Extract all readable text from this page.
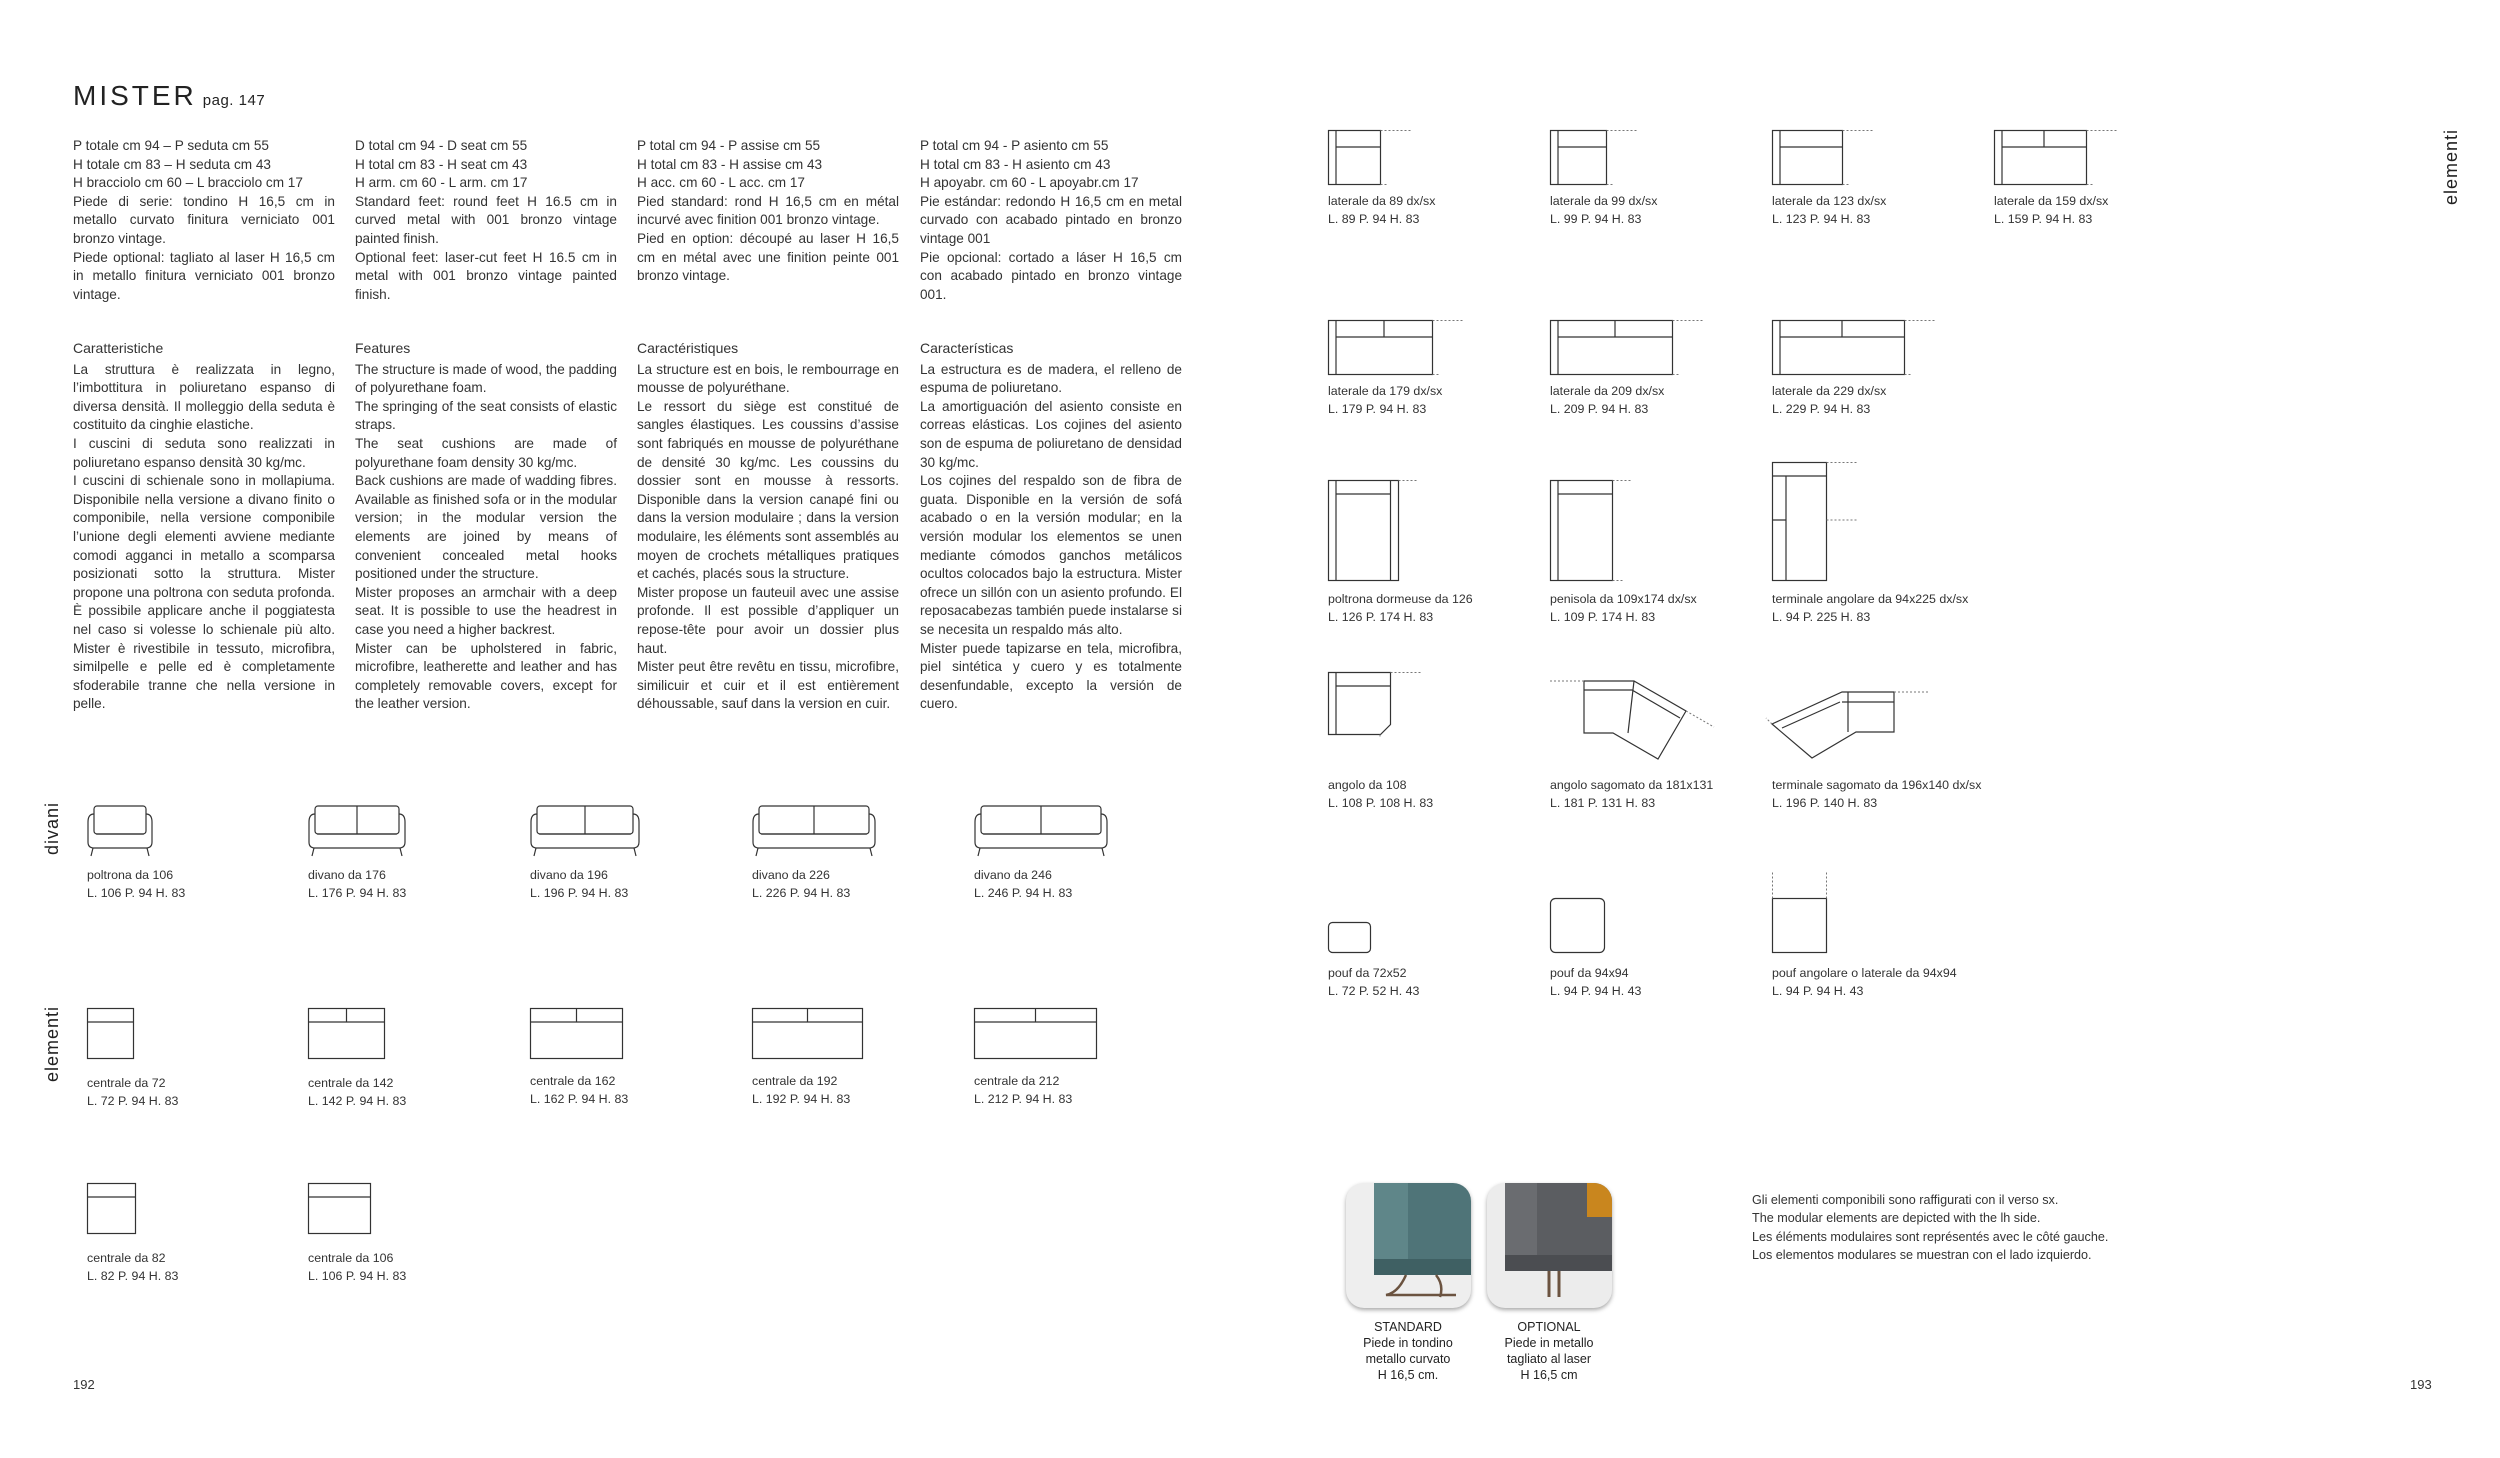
MISTER pag. 147

P totale cm 94 – P seduta cm 55
H totale cm 83 – H seduta cm 43
H bracciolo cm 60 – L bracciolo cm 17
Piede di serie: tondino H 16,5 cm in metallo curvato finitura verniciato 001 bronzo vintage.
Piede optional: tagliato al laser H 16,5 cm in metallo finitura verniciato 001 bronzo vintage.

D total cm 94 - D seat cm 55
H total cm 83 - H seat cm 43
H arm. cm 60 - L arm. cm 17
Standard feet: round feet H 16.5 cm in curved metal with 001 bronzo vintage painted finish.
Optional feet: laser-cut feet H 16.5 cm in metal with 001 bronzo vintage painted finish.

P total cm 94 - P assise cm 55
H total cm 83 - H assise cm 43
H acc. cm 60 - L acc. cm 17
Pied standard: rond H 16,5 cm en métal incurvé avec finition 001 bronzo vintage.
Pied en option: découpé au laser H 16,5 cm en métal avec une finition peinte 001 bronzo vintage.

P total cm 94 - P asiento cm 55
H total cm 83 - H asiento cm 43
H apoyabr. cm 60 - L apoyabr.cm 17
Pie estándar: redondo H 16,5 cm en metal curvado con acabado pintado en bronzo vintage 001
Pie opcional: cortado a láser H 16,5 cm con acabado pintado en bronzo vintage 001.

Caratteristiche

La struttura è realizzata in legno, l’imbottitura in poliuretano espanso di diversa densità. Il molleggio della seduta è costituito da cinghie elastiche.
I cuscini di seduta sono realizzati in poliuretano espanso densità 30 kg/mc.
I cuscini di schienale sono in mollapiuma. Disponibile nella versione a divano finito o componibile, nella versione componibile l’unione degli elementi avviene mediante comodi agganci in metallo a scomparsa posizionati sotto la struttura. Mister propone una poltrona con seduta profonda. È possibile applicare anche il poggiatesta nel caso si volesse lo schienale più alto. Mister è rivestibile in tessuto, microfibra, similpelle e pelle ed è completamente sfoderabile tranne che nella versione in pelle.

Features

The structure is made of wood, the padding of polyurethane foam.
The springing of the seat consists of elastic straps.
The seat cushions are made of polyurethane foam density 30 kg/mc.
Back cushions are made of wadding fibres. Available as finished sofa or in the modular version; in the modular version the elements are joined by means of convenient concealed metal hooks positioned under the structure.
Mister proposes an armchair with a deep seat. It is possible to use the headrest in case you need a higher backrest.
Mister can be upholstered in fabric, microfibre, leatherette and leather and has completely removable covers, except for the leather version.

Caractéristiques

La structure est en bois, le rembourrage en mousse de polyuréthane.
Le ressort du siège est constitué de sangles élastiques. Les coussins d’assise sont fabriqués en mousse de polyuréthane de densité 30 kg/mc. Les coussins du dossier sont en mousse à ressorts. Disponible dans la version canapé fini ou dans la version modulaire ; dans la version modulaire, les éléments sont assemblés au moyen de crochets métalliques pratiques et cachés, placés sous la structure.
Mister propose un fauteuil avec une assise profonde. Il est possible d’appliquer un repose-tête pour avoir un dossier plus haut.
Mister peut être revêtu en tissu, microfibre, similicuir et cuir et il est entièrement déhoussable, sauf dans la version en cuir.

Características

La estructura es de madera, el relleno de espuma de poliuretano.
La amortiguación del asiento consiste en correas elásticas. Los cojines del asiento son de espuma de poliuretano de densidad 30 kg/mc.
Los cojines del respaldo son de fibra de guata. Disponible en la versión de sofá acabado o en la versión modular; en la versión modular los elementos se unen mediante cómodos ganchos metálicos ocultos colocados bajo la estructura. Mister ofrece un sillón con un asiento profundo. El reposacabezas también puede instalarse si se necesita un respaldo más alto.
Mister puede tapizarse en tela, microfibra, piel sintética y cuero y es totalmente desenfundable, excepto la versión de cuero.

divani
elementi
elementi
poltrona da 106
L. 106 P. 94 H. 83
divano da 176
L. 176 P. 94 H. 83
divano da 196
L. 196 P. 94 H. 83
divano da 226
L. 226 P. 94 H. 83
divano da 246
L. 246 P. 94 H. 83
centrale da 72
L. 72 P. 94 H. 83
centrale da 142
L. 142 P. 94 H. 83
centrale da 162
L. 162 P. 94 H. 83
centrale da 192
L. 192 P. 94 H. 83
centrale da 212
L. 212 P. 94 H. 83
centrale da 82
L. 82 P. 94 H. 83
centrale da 106
L. 106 P. 94 H. 83
laterale da 89 dx/sx
L. 89 P. 94 H. 83
laterale da 99 dx/sx
L. 99 P. 94 H. 83
laterale da 123 dx/sx
L. 123 P. 94 H. 83
laterale da 159 dx/sx
L. 159 P. 94 H. 83
laterale da 179 dx/sx
L. 179 P. 94 H. 83
laterale da 209 dx/sx
L. 209 P. 94 H. 83
laterale da 229 dx/sx
L. 229 P. 94 H. 83
poltrona dormeuse da 126
L. 126 P. 174 H. 83
penisola da 109x174 dx/sx
L. 109 P. 174 H. 83
terminale angolare da 94x225 dx/sx
L. 94 P. 225 H. 83
angolo da 108
L. 108 P. 108 H. 83
angolo sagomato da 181x131
L. 181 P. 131 H. 83
terminale sagomato da 196x140 dx/sx
L. 196 P. 140 H. 83
pouf da 72x52
L. 72 P. 52 H. 43
pouf da 94x94
L. 94 P. 94 H. 43
pouf angolare o laterale da 94x94
L. 94 P. 94 H. 43
STANDARD
Piede in tondino
metallo curvato
H 16,5 cm.
OPTIONAL
Piede in metallo
tagliato al laser
H 16,5 cm
Gli elementi componibili sono raffigurati con il verso sx.
The modular elements are depicted with the lh side.
Les éléments modulaires sont représentés avec le côté gauche.
Los elementos modulares se muestran con el lado izquierdo.
192	193
